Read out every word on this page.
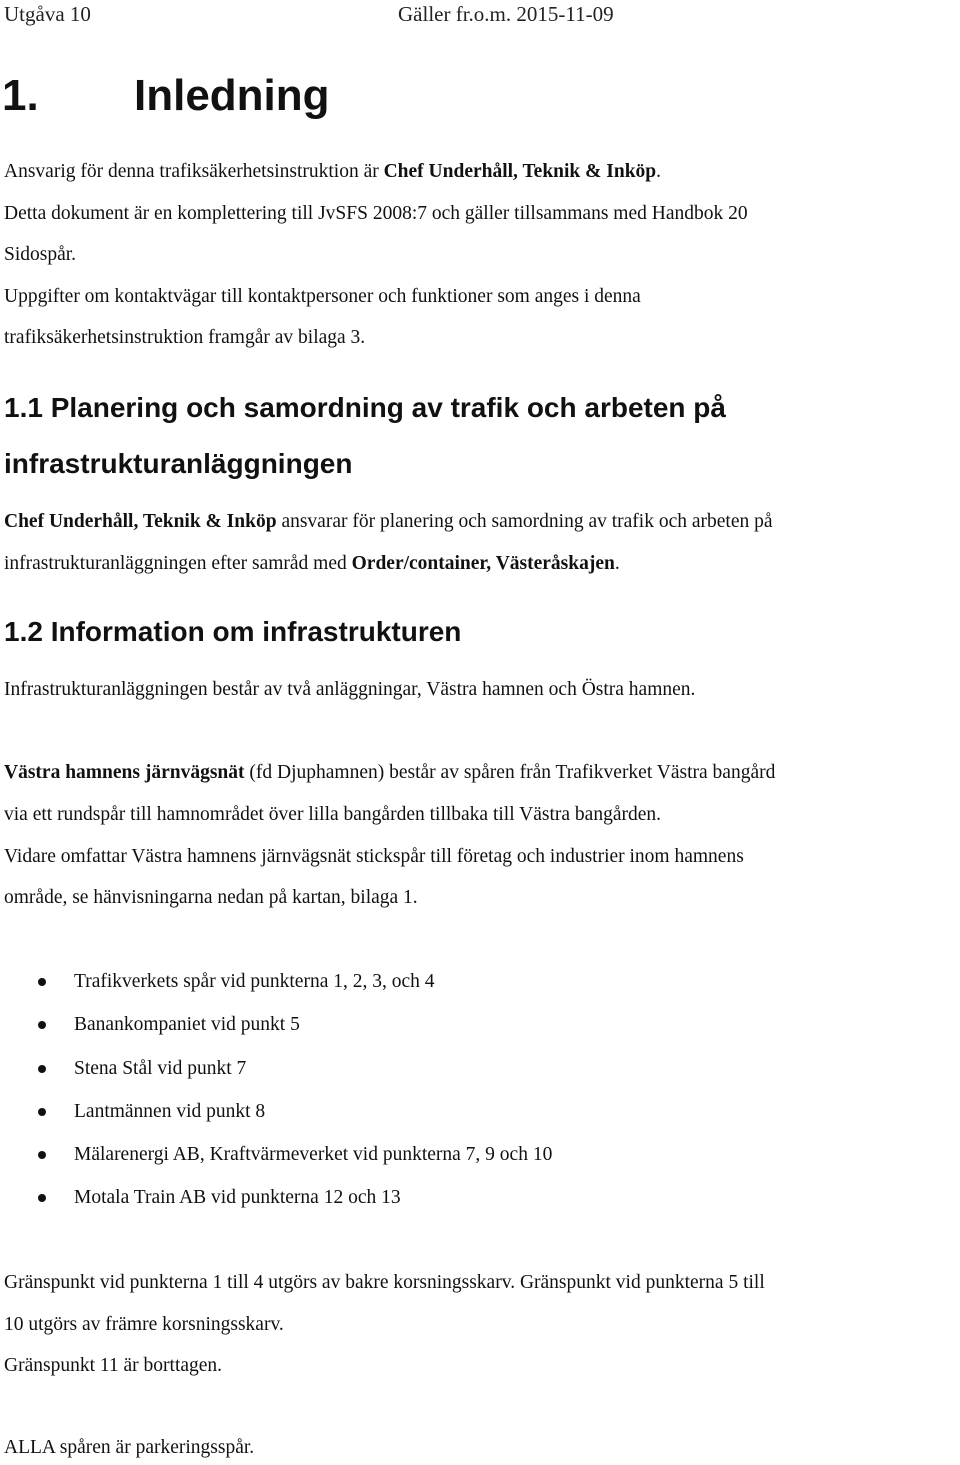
Utgåva 10	Gäller fr.o.m. 2015-11-09
1. Inledning
Ansvarig för denna trafiksäkerhetsinstruktion är Chef Underhåll, Teknik & Inköp.
Detta dokument är en komplettering till JvSFS 2008:7 och gäller tillsammans med Handbok 20
Sidospår.
Uppgifter om kontaktvägar till kontaktpersoner och funktioner som anges i denna
trafiksäkerhetsinstruktion framgår av bilaga 3.
1.1 Planering och samordning av trafik och arbeten på
infrastrukturanläggningen
Chef Underhåll, Teknik & Inköp ansvarar för planering och samordning av trafik och arbeten på
infrastrukturanläggningen efter samråd med Order/container, Västeråskajen.
1.2 Information om infrastrukturen
Infrastrukturanläggningen består av två anläggningar, Västra hamnen och Östra hamnen.
Västra hamnens järnvägsnät (fd Djuphamnen) består av spåren från Trafikverket Västra bangård
via ett rundspår till hamnområdet över lilla bangården tillbaka till Västra bangården.
Vidare omfattar Västra hamnens järnvägsnät stickspår till företag och industrier inom hamnens
område, se hänvisningarna nedan på kartan, bilaga 1.
Trafikverkets spår vid punkterna 1, 2, 3, och 4
Banankompaniet vid punkt 5
Stena Stål vid punkt 7
Lantmännen vid punkt 8
Mälarenergi AB, Kraftvärmeverket vid punkterna 7, 9 och 10
Motala Train AB vid punkterna 12 och 13
Gränspunkt vid punkterna 1 till 4 utgörs av bakre korsningsskarv. Gränspunkt vid punkterna 5 till
10 utgörs av främre korsningsskarv.
Gränspunkt 11 är borttagen.
ALLA spåren är parkeringsspår.
